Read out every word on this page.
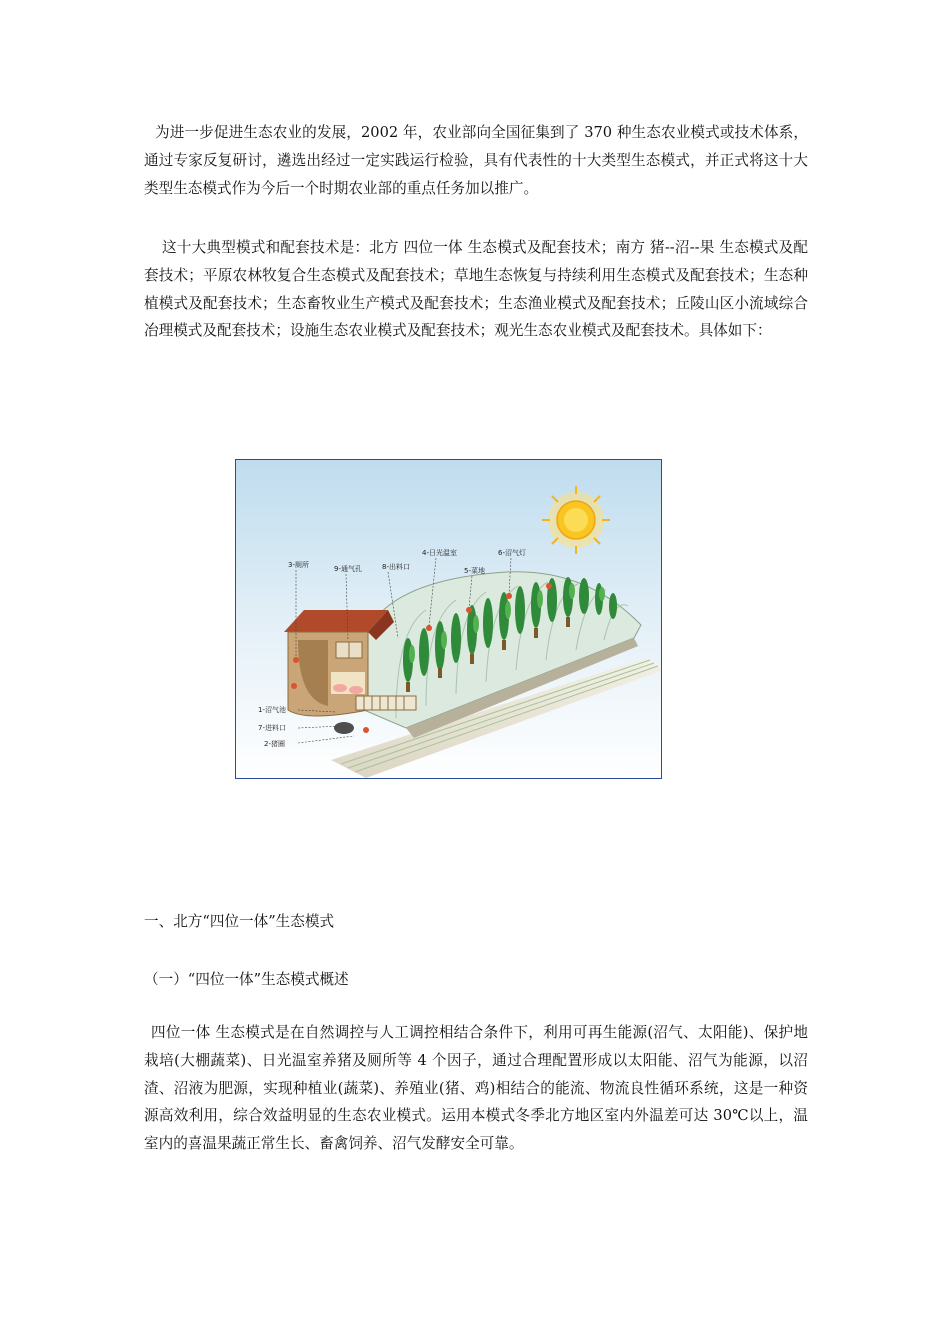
为进一步促进生态农业的发展，2002 年，农业部向全国征集到了 370 种生态农业模式或技术体系，通过专家反复研讨，遴选出经过一定实践运行检验，具有代表性的十大类型生态模式，并正式将这十大类型生态模式作为今后一个时期农业部的重点任务加以推广。

这十大典型模式和配套技术是：北方 四位一体 生态模式及配套技术；南方 猪--沼--果 生态模式及配套技术；平原农林牧复合生态模式及配套技术；草地生态恢复与持续利用生态模式及配套技术；生态种植模式及配套技术；生态畜牧业生产模式及配套技术；生态渔业模式及配套技术；丘陵山区小流域综合冶理模式及配套技术；设施生态农业模式及配套技术；观光生态农业模式及配套技术。具体如下：

3-厕所	9-通气孔	8-出料口
4-日光温室
5-菜地
6-沼气灯
1-沼气池
7-进料口
2-猪圈

一、北方“四位一体”生态模式

（一）“四位一体”生态模式概述

四位一体 生态模式是在自然调控与人工调控相结合条件下，利用可再生能源(沼气、太阳能)、保护地栽培(大棚蔬菜)、日光温室养猪及厕所等 4 个因子，通过合理配置形成以太阳能、沼气为能源，以沼渣、沼液为肥源，实现种植业(蔬菜)、养殖业(猪、鸡)相结合的能流、物流良性循环系统，这是一种资源高效利用，综合效益明显的生态农业模式。运用本模式冬季北方地区室内外温差可达 30℃以上，温室内的喜温果蔬正常生长、畜禽饲养、沼气发酵安全可靠。
